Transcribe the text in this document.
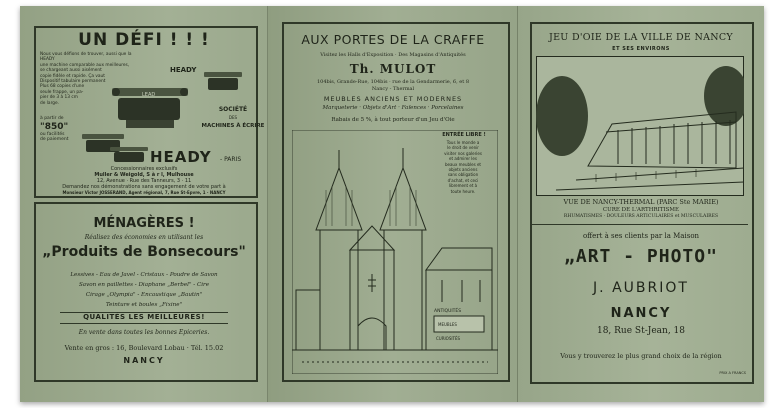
UN DÉFI ! ! !
Nous vous défions de trouver, aussi que la HEADY
une machine comparable aux meilleures,
se chargeant aussi aisément
copie fidèle et rapide. Ça vaut
Dispositif tabulaire permanent
Plus 68 copies d'une
seule frappe, un pa-
pier de 3 à 13 cm
de large.
HEADY
à partir de
"850"
ou facilités
de paiement
LEAD
SOCIÉTÉ
DES
MACHINES À ÉCRIRE
HEADY - PARIS
Concessionnaires exclusifs
Muller & Weigold, S à r l, Mulhouse
12, Avenue · Rue des Tanneurs, 3 · 11
Demandez nos démonstrations sans engagement de votre part à
Monsieur Victor JOSSERAND, Agent régional, 7, Rue St-Epvre, 1 · NANCY
MÉNAGÈRES !
Réalisez des économies en utilisant les
„Produits de Bonsecours"
Lessives - Eau de Javel - Cristaux - Poudre de Savon
Savon en paillettes - Diaphane „Berbel" - Cire
Cirage „Olympia" - Encaustique „Bautin"
Teinture et boules „Fixine"
QUALITÉS LES MEILLEURES!
En vente dans toutes les bonnes Epiceries.
Vente en gros : 16, Boulevard Lobau · Tél. 15.02
NANCY
AUX PORTES DE LA CRAFFE
Visitez les Halls d'Exposition · Des Magasins d'Antiquités
Th. MULOT
104bis, Grande-Rue, 104bis · rue de la Gendarmerie, 6, et 8
Nancy - Thermal
MEUBLES ANCIENS ET MODERNES
Marqueterie · Objets d'Art · Faïences · Porcelaines
Rabais de 5 %, à tout porteur d'un Jeu d'Oie
ENTRÉE LIBRE !
Tous le monde a
le droit de venir
visiter nos galeries
et admirer les
beaux meubles et
objets anciens
sans obligation
d'achat, et ceci
librement et à
toute heure.
ANTIQUITÉS
MEUBLES
CURIOSITÉS
JEU D'OIE DE LA VILLE DE NANCY
ET SES ENVIRONS
VUE DE NANCY-THERMAL (PARC Ste MARIE)
CURE DE L'ARTHRITISME
RHUMATISMES · DOULEURS ARTICULAIRES et MUSCULAIRES
offert à ses clients par la Maison
„ART - PHOTO"
J. AUBRIOT
NANCY
18, Rue St-Jean, 18
Vous y trouverez le plus grand choix de la région
PRIX A FRANCS
